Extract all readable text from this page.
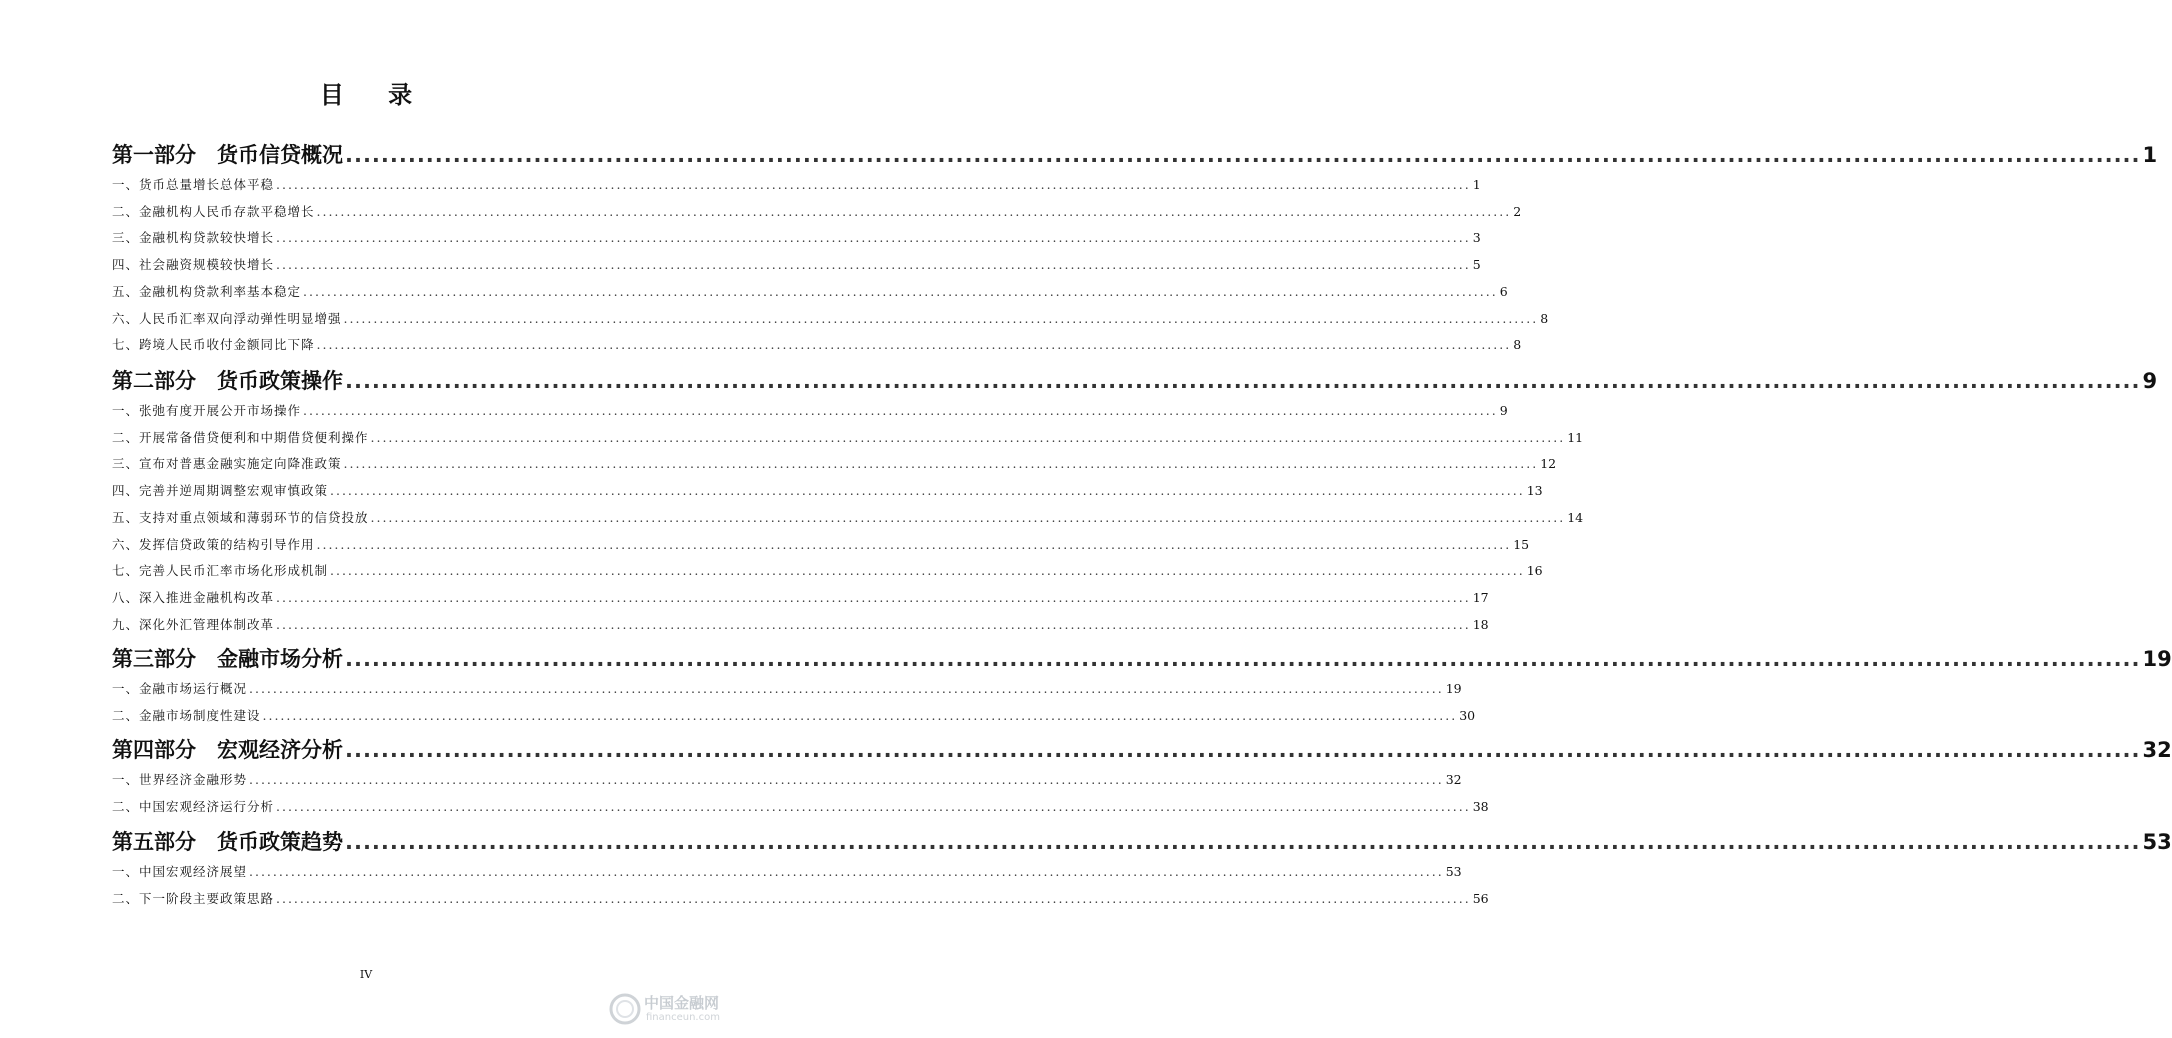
目 录
第一部分　货币信贷概况 ........................................................................................................................................................................................................ 1
一、货币总量增长总体平稳 ........................................................................................................................................................................................................ 1
二、金融机构人民币存款平稳增长 ........................................................................................................................................................................................................ 2
三、金融机构贷款较快增长 ........................................................................................................................................................................................................ 3
四、社会融资规模较快增长 ........................................................................................................................................................................................................ 5
五、金融机构贷款利率基本稳定 ........................................................................................................................................................................................................ 6
六、人民币汇率双向浮动弹性明显增强 ........................................................................................................................................................................................................ 8
七、跨境人民币收付金额同比下降 ........................................................................................................................................................................................................ 8
第二部分　货币政策操作 ........................................................................................................................................................................................................ 9
一、张弛有度开展公开市场操作 ........................................................................................................................................................................................................ 9
二、开展常备借贷便利和中期借贷便利操作 ........................................................................................................................................................................................................ 11
三、宣布对普惠金融实施定向降准政策 ........................................................................................................................................................................................................ 12
四、完善并逆周期调整宏观审慎政策 ........................................................................................................................................................................................................ 13
五、支持对重点领域和薄弱环节的信贷投放 ........................................................................................................................................................................................................ 14
六、发挥信贷政策的结构引导作用 ........................................................................................................................................................................................................ 15
七、完善人民币汇率市场化形成机制 ........................................................................................................................................................................................................ 16
八、深入推进金融机构改革 ........................................................................................................................................................................................................ 17
九、深化外汇管理体制改革 ........................................................................................................................................................................................................ 18
第三部分　金融市场分析 ........................................................................................................................................................................................................ 19
一、金融市场运行概况 ........................................................................................................................................................................................................ 19
二、金融市场制度性建设 ........................................................................................................................................................................................................ 30
第四部分　宏观经济分析 ........................................................................................................................................................................................................ 32
一、世界经济金融形势 ........................................................................................................................................................................................................ 32
二、中国宏观经济运行分析 ........................................................................................................................................................................................................ 38
第五部分　货币政策趋势 ........................................................................................................................................................................................................ 53
一、中国宏观经济展望 ........................................................................................................................................................................................................ 53
二、下一阶段主要政策思路 ........................................................................................................................................................................................................ 56
IV
中国金融网
financeun.com
